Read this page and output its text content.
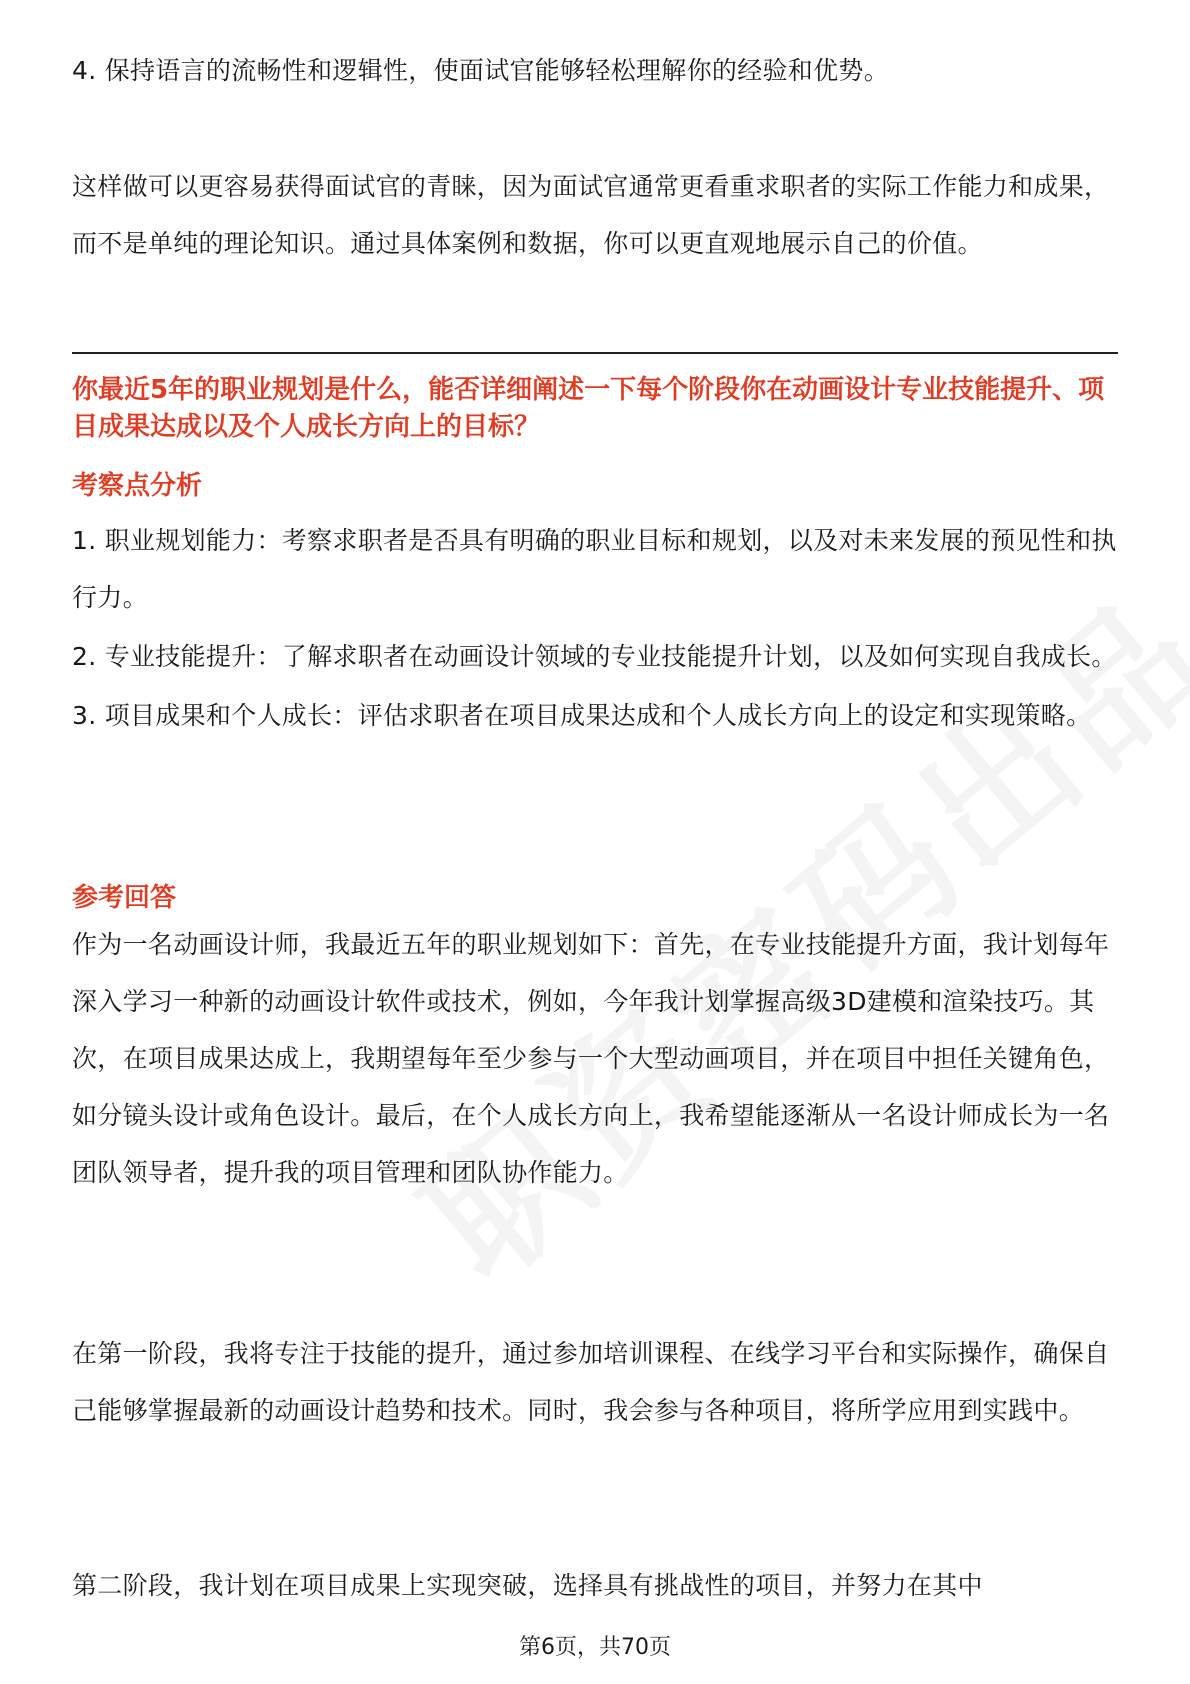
4. 保持语言的流畅性和逻辑性，使面试官能够轻松理解你的经验和优势。

这样做可以更容易获得面试官的青睐，因为面试官通常更看重求职者的实际工作能力和成果，而不是单纯的理论知识。通过具体案例和数据，你可以更直观地展示自己的价值。

你最近5年的职业规划是什么，能否详细阐述一下每个阶段你在动画设计专业技能提升、项目成果达成以及个人成长方向上的目标？
考察点分析

1. 职业规划能力：考察求职者是否具有明确的职业目标和规划，以及对未来发展的预见性和执行力。

2. 专业技能提升：了解求职者在动画设计领域的专业技能提升计划，以及如何实现自我成长。

3. 项目成果和个人成长：评估求职者在项目成果达成和个人成长方向上的设定和实现策略。

参考回答

作为一名动画设计师，我最近五年的职业规划如下：首先，在专业技能提升方面，我计划每年深入学习一种新的动画设计软件或技术，例如，今年我计划掌握高级3D建模和渲染技巧。其次，在项目成果达成上，我期望每年至少参与一个大型动画项目，并在项目中担任关键角色，如分镜头设计或角色设计。最后，在个人成长方向上，我希望能逐渐从一名设计师成长为一名团队领导者，提升我的项目管理和团队协作能力。

在第一阶段，我将专注于技能的提升，通过参加培训课程、在线学习平台和实际操作，确保自己能够掌握最新的动画设计趋势和技术。同时，我会参与各种项目，将所学应用到实践中。

第二阶段，我计划在项目成果上实现突破，选择具有挑战性的项目，并努力在其中

第6页，共70页
